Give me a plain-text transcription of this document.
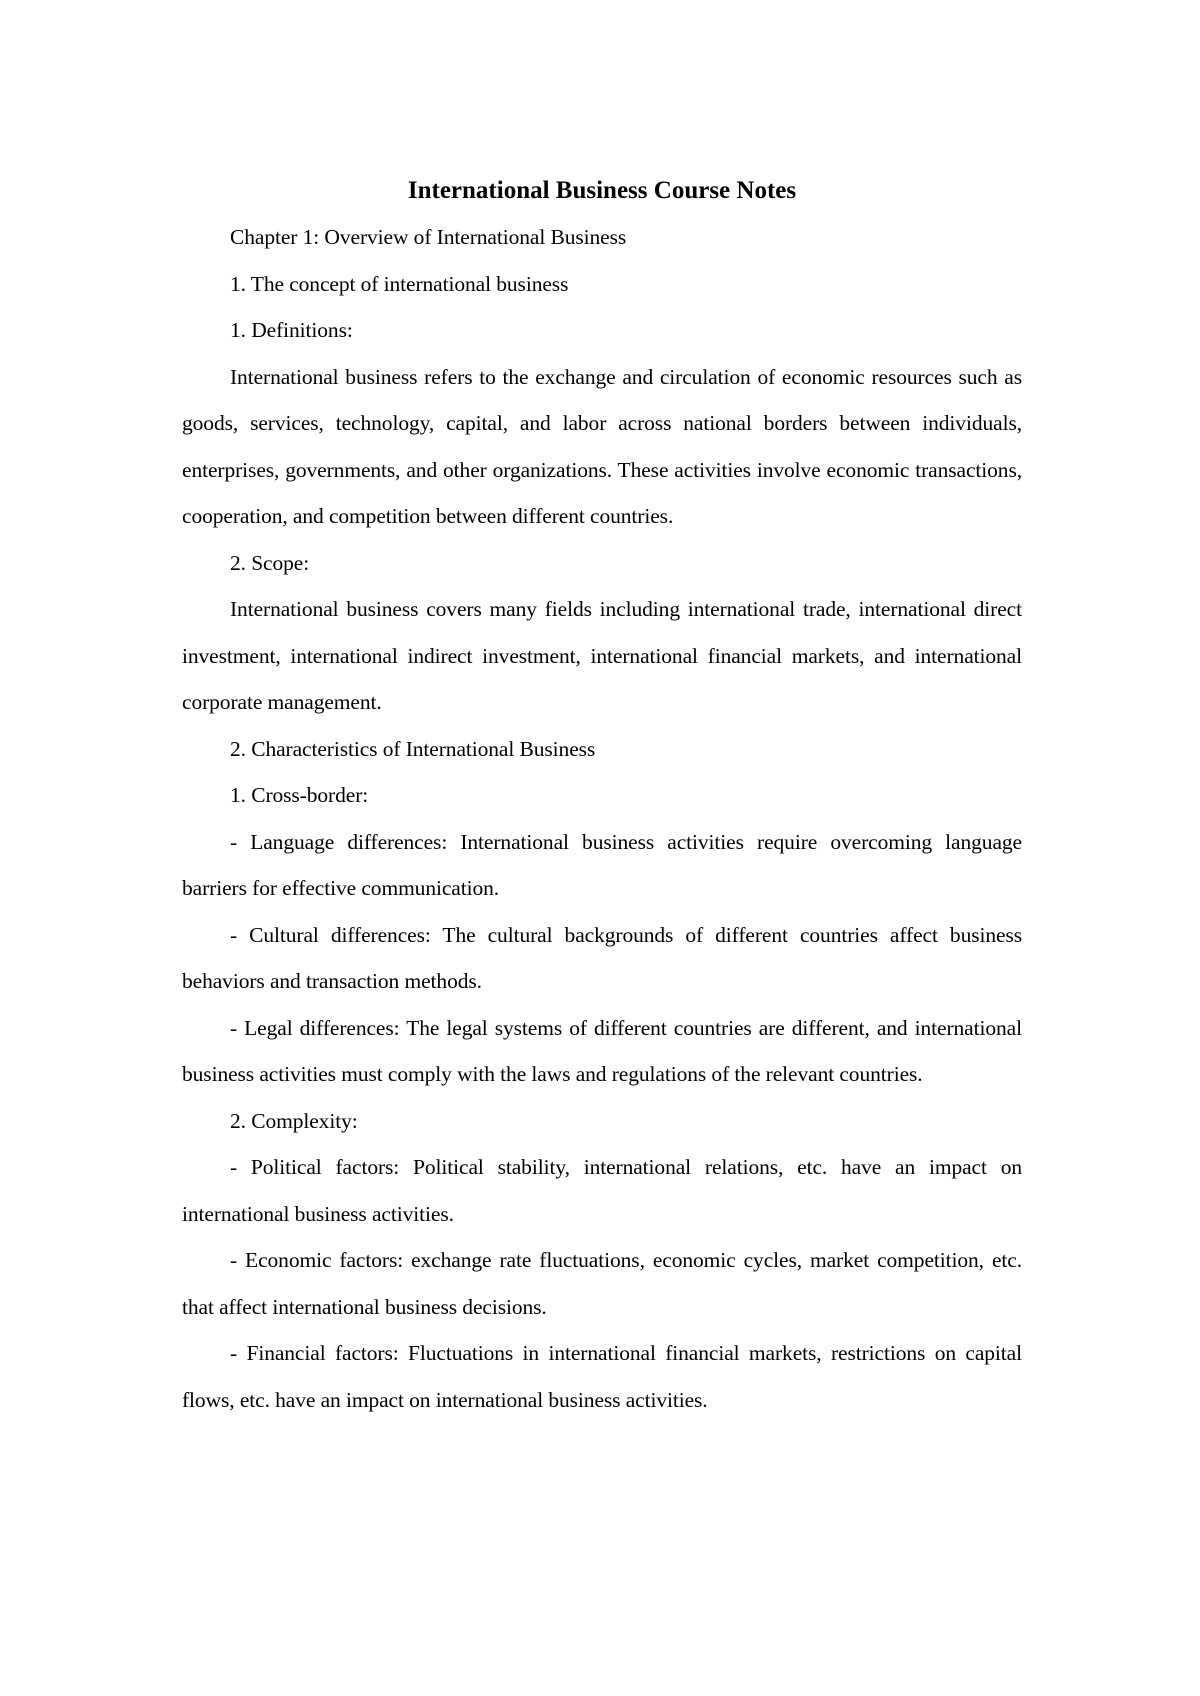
International Business Course Notes

Chapter 1: Overview of International Business

1. The concept of international business

1. Definitions:

International business refers to the exchange and circulation of economic resources such as goods, services, technology, capital, and labor across national borders between individuals, enterprises, governments, and other organizations. These activities involve economic transactions, cooperation, and competition between different countries.

2. Scope:

International business covers many fields including international trade, international direct investment, international indirect investment, international financial markets, and international corporate management.

2. Characteristics of International Business

1. Cross-border:

- Language differences: International business activities require overcoming language barriers for effective communication.

- Cultural differences: The cultural backgrounds of different countries affect business behaviors and transaction methods.

- Legal differences: The legal systems of different countries are different, and international business activities must comply with the laws and regulations of the relevant countries.

2. Complexity:

- Political factors: Political stability, international relations, etc. have an impact on international business activities.

- Economic factors: exchange rate fluctuations, economic cycles, market competition, etc. that affect international business decisions.

- Financial factors: Fluctuations in international financial markets, restrictions on capital flows, etc. have an impact on international business activities.
